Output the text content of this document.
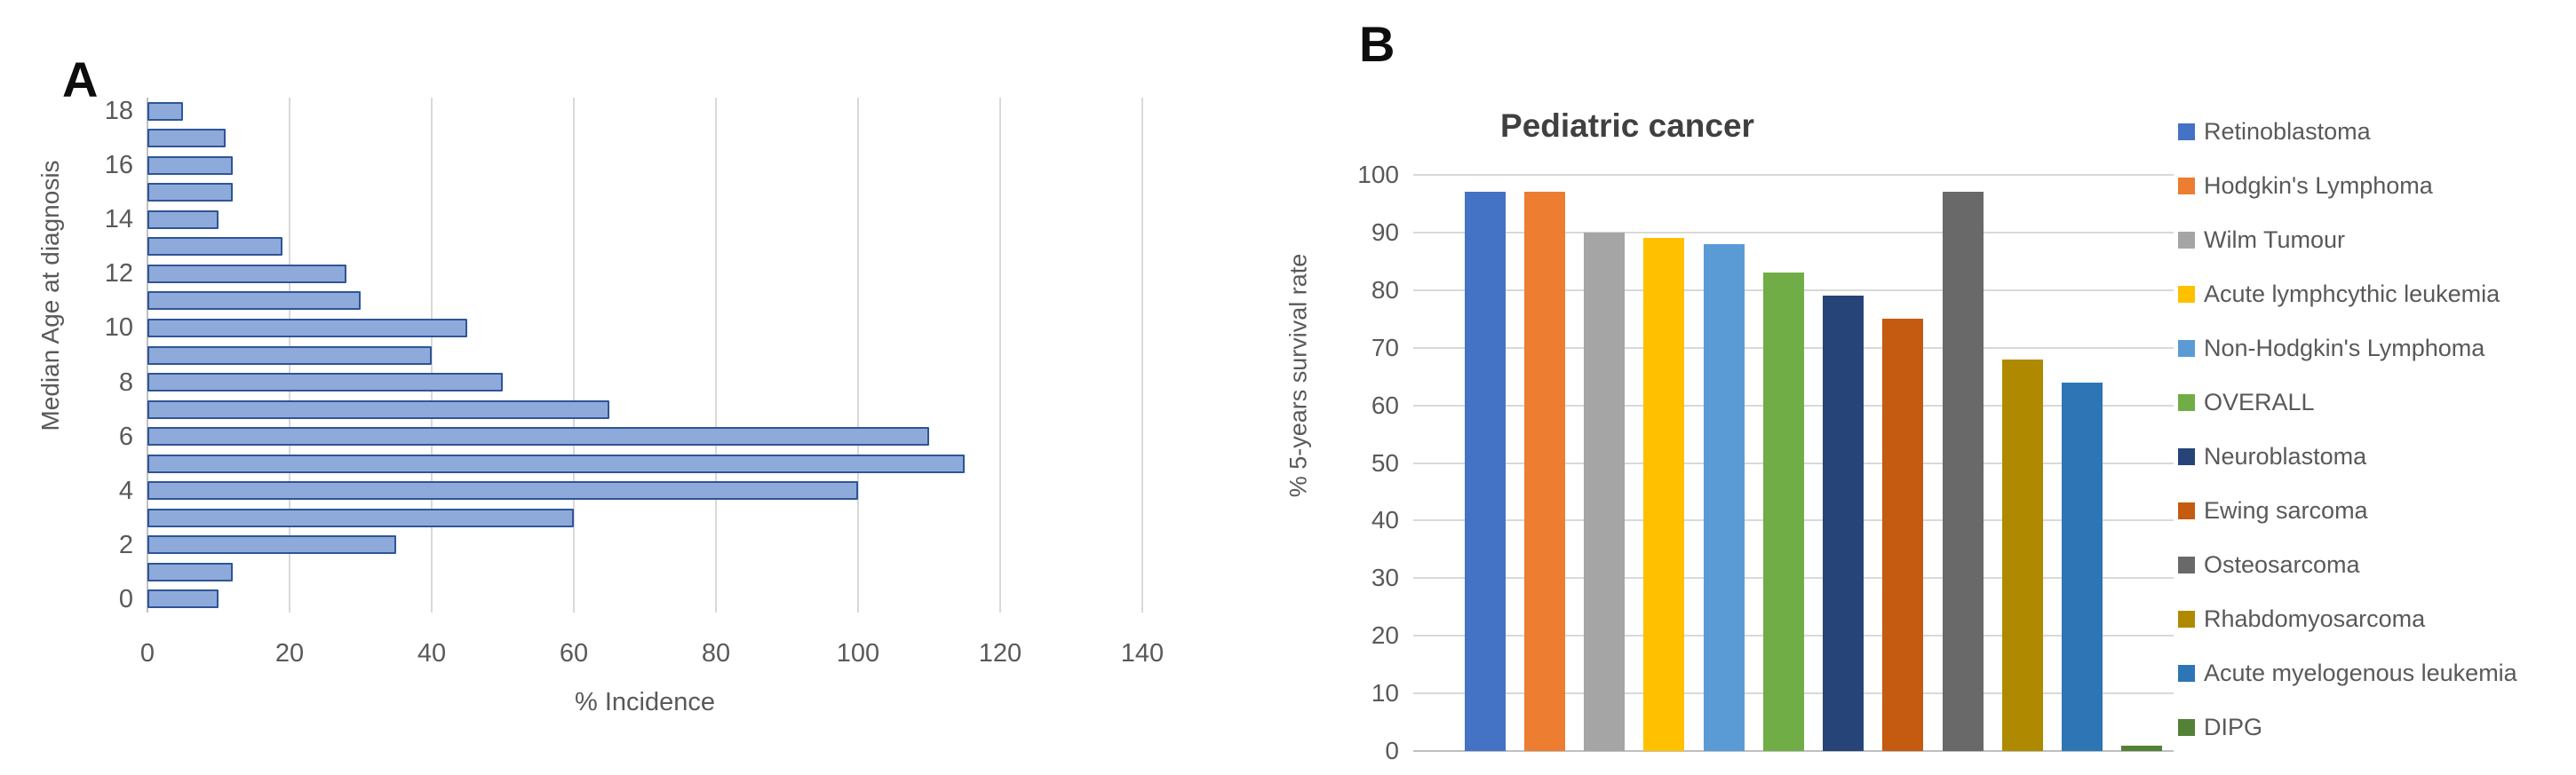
A
B
Median Age at diagnosis
% Incidence
18
16
14
12
10
8
6
4
2
0
0	20	40	60	80	100	120	140
Pediatric cancer
% 5-years survival rate
0
10
20
30
40
50
60
70
80
90
100
Retinoblastoma
Hodgkin's Lymphoma
Wilm Tumour
Acute lymphcythic leukemia
Non-Hodgkin's Lymphoma
OVERALL
Neuroblastoma
Ewing sarcoma
Osteosarcoma
Rhabdomyosarcoma
Acute myelogenous leukemia
DIPG
